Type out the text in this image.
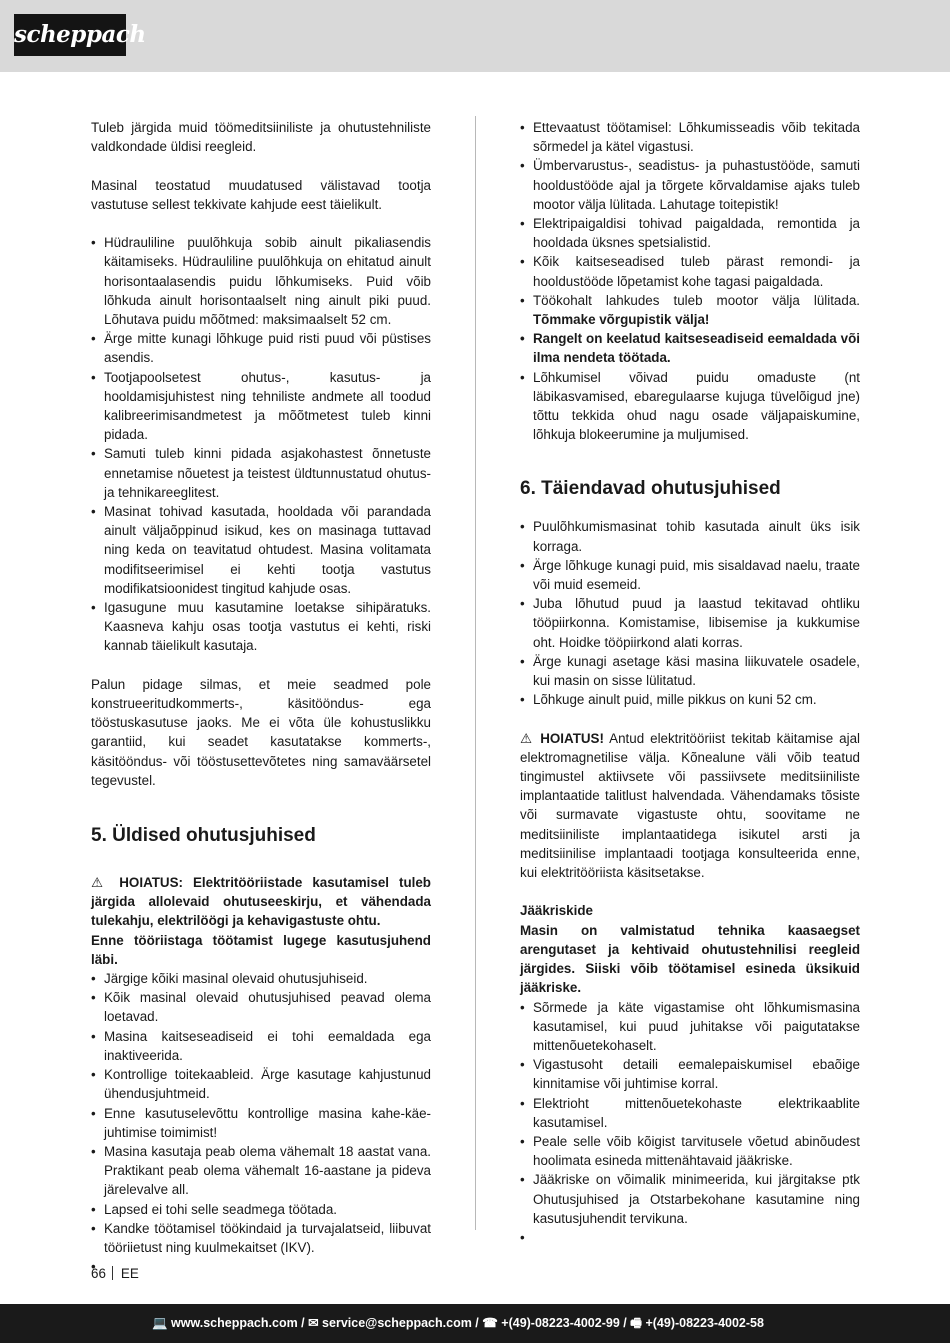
scheppach

Tuleb järgida muid töömeditsiiniliste ja ohutustehniliste valdkondade üldisi reegleid.

Masinal teostatud muudatused välistavad tootja vastutuse sellest tekkivate kahjude eest täielikult.

• Hüdrauliline puulõhkuja sobib ainult pikaliasendis käitamiseks. Hüdrauliline puulõhkuja on ehitatud ainult horisontaalasendis puidu lõhkumiseks. Puid võib lõhkuda ainult horisontaalselt ning ainult piki puud. Lõhutava puidu mõõtmed: maksimaalselt 52 cm.
• Ärge mitte kunagi lõhkuge puid risti puud või püstises asendis.
• Tootjapoolsetest ohutus-, kasutus- ja hooldamisjuhistest ning tehniliste andmete all toodud kalibreerimisandmetest ja mõõtmetest tuleb kinni pidada.
• Samuti tuleb kinni pidada asjakohastest õnnetuste ennetamise nõuetest ja teistest üldtunnustatud ohutus- ja tehnikareeglitest.
• Masinat tohivad kasutada, hooldada või parandada ainult väljaõppinud isikud, kes on masinaga tuttavad ning keda on teavitatud ohtudest. Masina volitamata modifitseerimisel ei kehti tootja vastutus modifikatsioonidest tingitud kahjude osas.
• Igasugune muu kasutamine loetakse sihipäratuks. Kaasneva kahju osas tootja vastutus ei kehti, riski kannab täielikult kasutaja.

Palun pidage silmas, et meie seadmed pole konstrueeritudkommerts-, käsitööndus- ega tööstuskasutuse jaoks. Me ei võta üle kohustuslikku garantiid, kui seadet kasutatakse kommerts-, käsitööndus- või tööstusettevõtetes ning samaväärsetel tegevustel.

5. Üldised ohutusjuhised

⚠ HOIATUS: Elektritööriistade kasutamisel tuleb järgida allolevaid ohutuseeskirju, et vähendada tulekahju, elektrilöögi ja kehavigastuste ohtu.

Enne tööriistaga töötamist lugege kasutusjuhend läbi.

• Järgige kõiki masinal olevaid ohutusjuhiseid.
• Kõik masinal olevaid ohutusjuhised peavad olema loetavad.
• Masina kaitseseadiseid ei tohi eemaldada ega inaktiveerida.
• Kontrollige toitekaableid. Ärge kasutage kahjustunud ühendusjuhtmeid.
• Enne kasutuselevõttu kontrollige masina kahe-käe-juhtimise toimimist!
• Masina kasutaja peab olema vähemalt 18 aastat vana. Praktikant peab olema vähemalt 16-aastane ja pideva järelevalve all.
• Lapsed ei tohi selle seadmega töötada.
• Kandke töötamisel töökindaid ja turvajalatseid, liibuvat tööriietust ning kuulmekaitset (IKV).
•
• Ettevaatust töötamisel: Lõhkumisseadis võib tekitada sõrmedel ja kätel vigastusi.
• Ümbervarustus-, seadistus- ja puhastustööde, samuti hooldustööde ajal ja tõrgete kõrvaldamise ajaks tuleb mootor välja lülitada. Lahutage toitepistik!
• Elektripaigaldisi tohivad paigaldada, remontida ja hooldada üksnes spetsialistid.
• Kõik kaitseseadised tuleb pärast remondi- ja hooldustööde lõpetamist kohe tagasi paigaldada.
• Töökohalt lahkudes tuleb mootor välja lülitada. Tõmmake võrgupistik välja!
• Rangelt on keelatud kaitseseadiseid eemaldada või ilma nendeta töötada.
• Lõhkumisel võivad puidu omaduste (nt läbikasvamised, ebaregulaarse kujuga tüvelõigud jne) tõttu tekkida ohud nagu osade väljapaiskumine, lõhkuja blokeerumine ja muljumised.
6. Täiendavad ohutusjuhised
• Puulõhkumismasinat tohib kasutada ainult üks isik korraga.
• Ärge lõhkuge kunagi puid, mis sisaldavad naelu, traate või muid esemeid.
• Juba lõhutud puud ja laastud tekitavad ohtliku tööpiirkonna. Komistamise, libisemise ja kukkumise oht. Hoidke tööpiirkond alati korras.
• Ärge kunagi asetage käsi masina liikuvatele osadele, kui masin on sisse lülitatud.
• Lõhkuge ainult puid, mille pikkus on kuni 52 cm.

⚠ HOIATUS! Antud elektritööriist tekitab käitamise ajal elektromagnetilise välja. Kõnealune väli võib teatud tingimustel aktiivsete või passiivsete meditsiiniliste implantaatide talitlust halvendada. Vähendamaks tõsiste või surmavate vigastuste ohtu, soovitame ne meditsiiniliste implantaatidega isikutel arsti ja meditsiinilise implantaadi tootjaga konsulteerida enne, kui elektritööriista käsitsetakse.

Jääkriskide

Masin on valmistatud tehnika kaasaegset arengutaset ja kehtivaid ohutustehnilisi reegleid järgides. Siiski võib töötamisel esineda üksikuid jääkriske.

• Sõrmede ja käte vigastamise oht lõhkumismasina kasutamisel, kui puud juhitakse või paigutatakse mittenõuetekohaselt.
• Vigastusoht detaili eemalepaiskumisel ebaõige kinnitamise või juhtimise korral.
• Elektrioht mittenõuetekohaste elektrikaablite kasutamisel.
• Peale selle võib kõigist tarvitusele võetud abinõudest hoolimata esineda mittenähtavaid jääkriske.
• Jääkriske on võimalik minimeerida, kui järgitakse ptk Ohutusjuhised ja Otstarbekohane kasutamine ning kasutusjuhendit tervikuna.
•
66 EE
💻 www.scheppach.com / ✉ service@scheppach.com / ☎ +(49)-08223-4002-99 / 🖷 +(49)-08223-4002-58
